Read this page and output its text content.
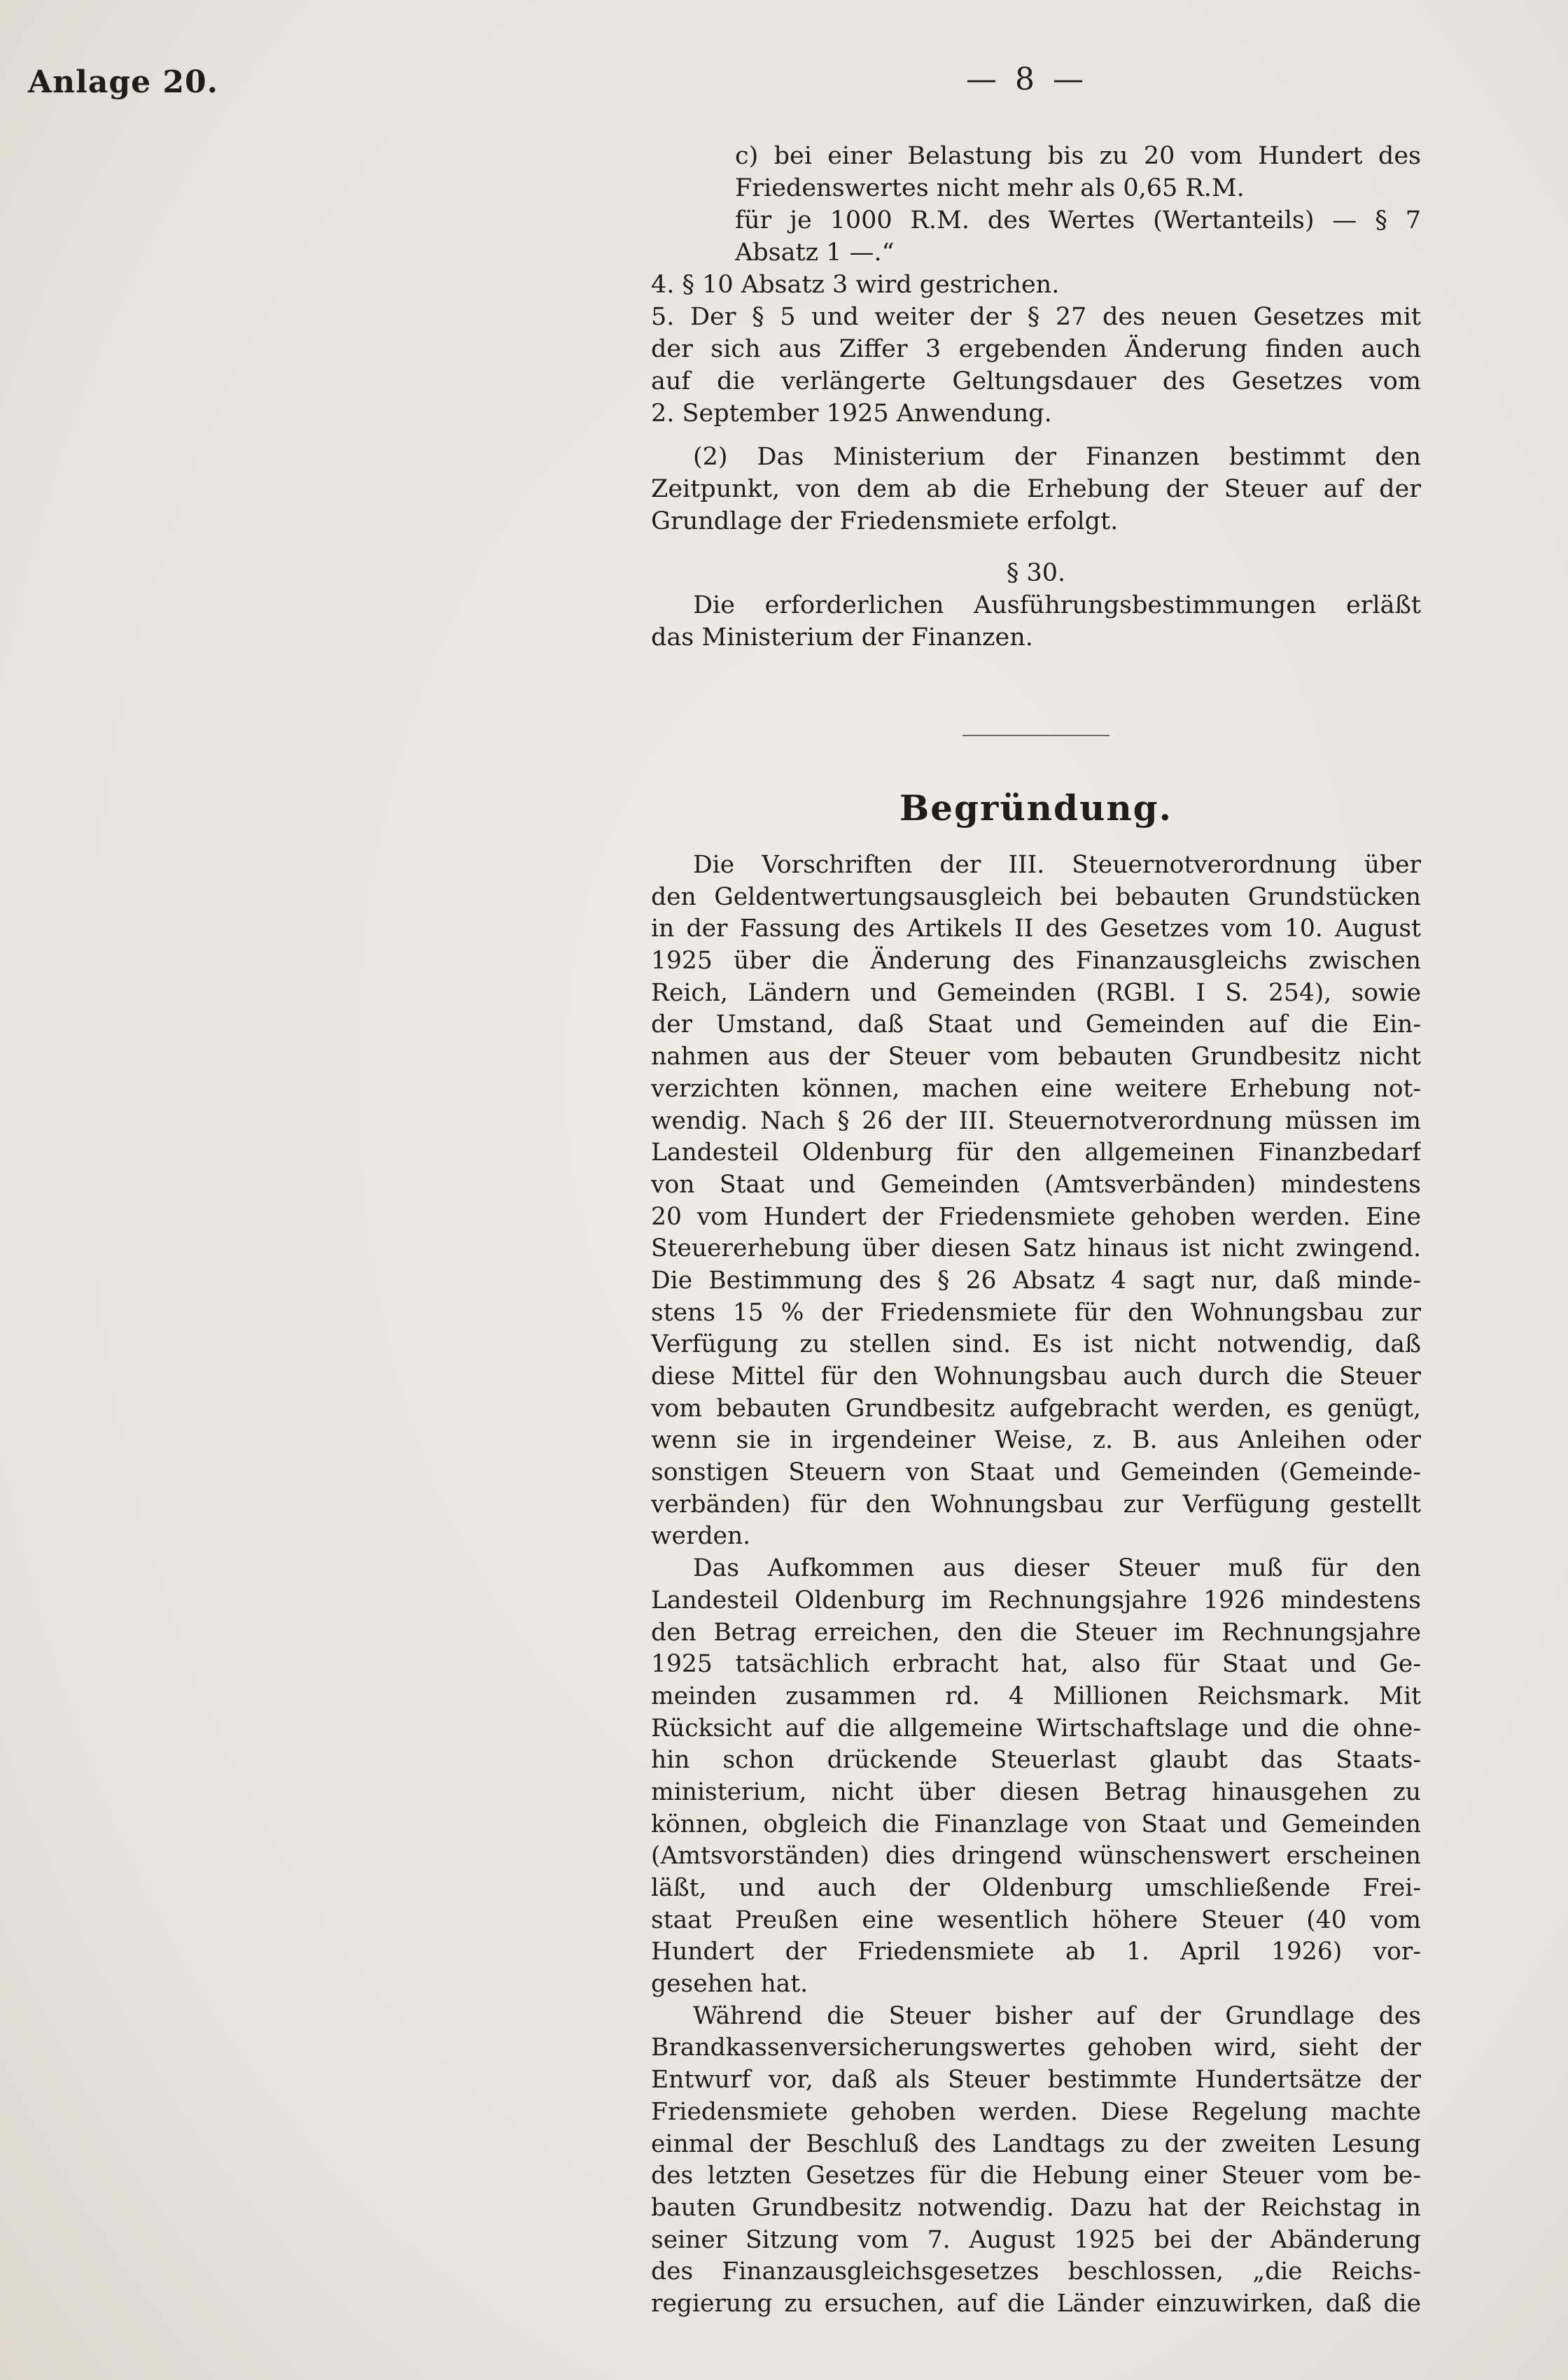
Anlage 20.	— 8 —
c) bei einer Belastung bis zu 20 vom Hundert des
Friedenswertes nicht mehr als 0,65 R.M.
für je 1000 R.M. des Wertes (Wertanteils) — § 7
Absatz 1 —.“
4. § 10 Absatz 3 wird gestrichen.
5. Der § 5 und weiter der § 27 des neuen Gesetzes mit
der sich aus Ziffer 3 ergebenden Änderung finden auch
auf die verlängerte Geltungsdauer des Gesetzes vom
2. September 1925 Anwendung.
(2) Das Ministerium der Finanzen bestimmt den
Zeitpunkt, von dem ab die Erhebung der Steuer auf der
Grundlage der Friedensmiete erfolgt.
§ 30.
Die erforderlichen Ausführungsbestimmungen erläßt
das Ministerium der Finanzen.
Begründung.
Die Vorschriften der III. Steuernotverordnung über
den Geldentwertungsausgleich bei bebauten Grundstücken
in der Fassung des Artikels II des Gesetzes vom 10. August
1925 über die Änderung des Finanzausgleichs zwischen
Reich, Ländern und Gemeinden (RGBl. I S. 254), sowie
der Umstand, daß Staat und Gemeinden auf die Ein-
nahmen aus der Steuer vom bebauten Grundbesitz nicht
verzichten können, machen eine weitere Erhebung not-
wendig. Nach § 26 der III. Steuernotverordnung müssen im
Landesteil Oldenburg für den allgemeinen Finanzbedarf
von Staat und Gemeinden (Amtsverbänden) mindestens
20 vom Hundert der Friedensmiete gehoben werden. Eine
Steuererhebung über diesen Satz hinaus ist nicht zwingend.
Die Bestimmung des § 26 Absatz 4 sagt nur, daß minde-
stens 15 % der Friedensmiete für den Wohnungsbau zur
Verfügung zu stellen sind. Es ist nicht notwendig, daß
diese Mittel für den Wohnungsbau auch durch die Steuer
vom bebauten Grundbesitz aufgebracht werden, es genügt,
wenn sie in irgendeiner Weise, z. B. aus Anleihen oder
sonstigen Steuern von Staat und Gemeinden (Gemeinde-
verbänden) für den Wohnungsbau zur Verfügung gestellt
werden.
Das Aufkommen aus dieser Steuer muß für den
Landesteil Oldenburg im Rechnungsjahre 1926 mindestens
den Betrag erreichen, den die Steuer im Rechnungsjahre
1925 tatsächlich erbracht hat, also für Staat und Ge-
meinden zusammen rd. 4 Millionen Reichsmark. Mit
Rücksicht auf die allgemeine Wirtschaftslage und die ohne-
hin schon drückende Steuerlast glaubt das Staats-
ministerium, nicht über diesen Betrag hinausgehen zu
können, obgleich die Finanzlage von Staat und Gemeinden
(Amtsvorständen) dies dringend wünschenswert erscheinen
läßt, und auch der Oldenburg umschließende Frei-
staat Preußen eine wesentlich höhere Steuer (40 vom
Hundert der Friedensmiete ab 1. April 1926) vor-
gesehen hat.
Während die Steuer bisher auf der Grundlage des
Brandkassenversicherungswertes gehoben wird, sieht der
Entwurf vor, daß als Steuer bestimmte Hundertsätze der
Friedensmiete gehoben werden. Diese Regelung machte
einmal der Beschluß des Landtags zu der zweiten Lesung
des letzten Gesetzes für die Hebung einer Steuer vom be-
bauten Grundbesitz notwendig. Dazu hat der Reichstag in
seiner Sitzung vom 7. August 1925 bei der Abänderung
des Finanzausgleichsgesetzes beschlossen, „die Reichs-
regierung zu ersuchen, auf die Länder einzuwirken, daß die
